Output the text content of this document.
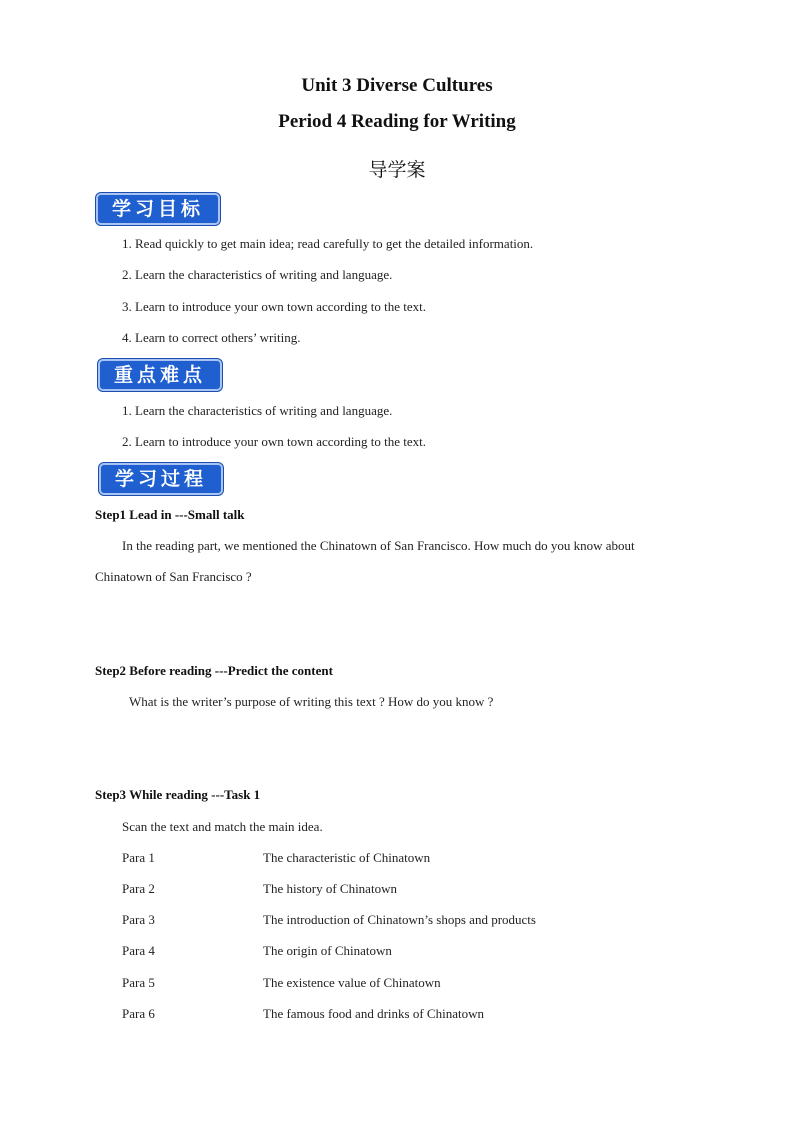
Unit 3 Diverse Cultures
Period 4 Reading for Writing
导学案
学习目标
1. Read quickly to get main idea; read carefully to get the detailed information.
2. Learn the characteristics of writing and language.
3. Learn to introduce your own town according to the text.
4. Learn to correct others’ writing.
重点难点
1. Learn the characteristics of writing and language.
2. Learn to introduce your own town according to the text.
学习过程
Step1 Lead in ---Small talk
In the reading part, we mentioned the Chinatown of San Francisco. How much do you know about
Chinatown of San Francisco ?
Step2 Before reading ---Predict the content
What is the writer’s purpose of writing this text ? How do you know ?
Step3 While reading ---Task 1
Scan the text and match the main idea.
Para 1	The characteristic of Chinatown
Para 2	The history of Chinatown
Para 3	The introduction of Chinatown’s shops and products
Para 4	The origin of Chinatown
Para 5	The existence value of Chinatown
Para 6	The famous food and drinks of Chinatown
